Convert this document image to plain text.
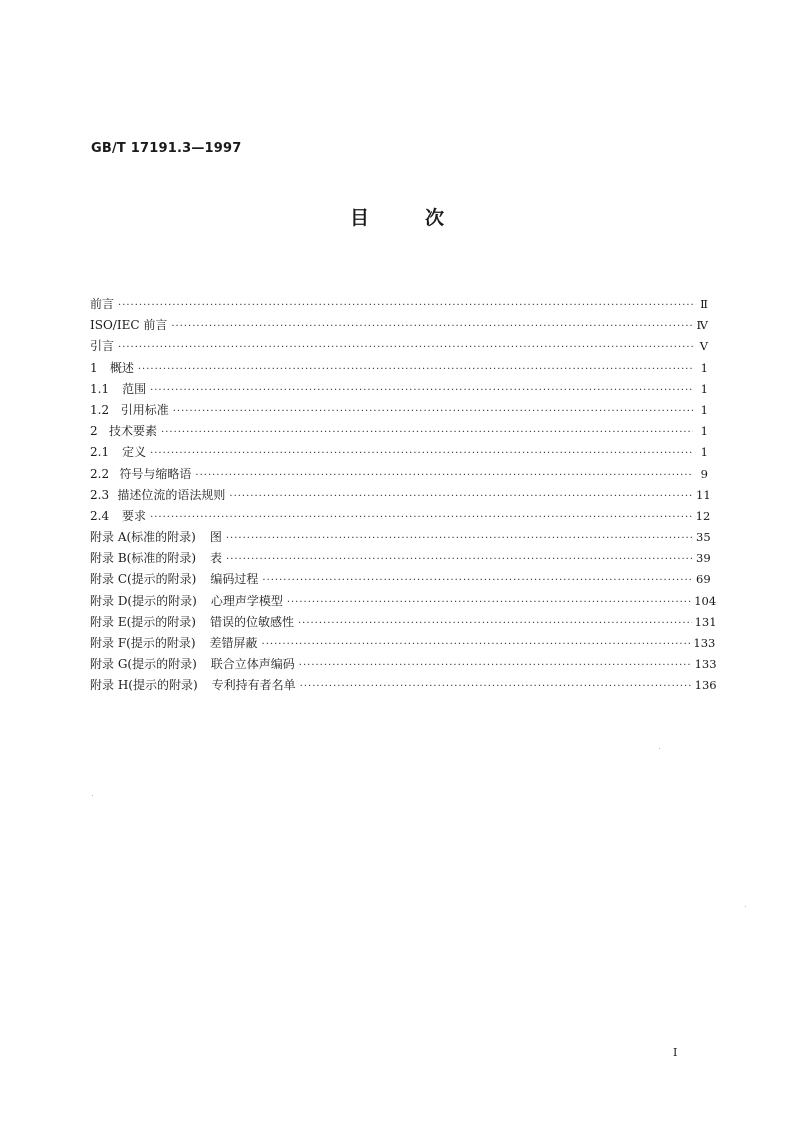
GB/T 17191.3—1997
目	次
前言 ·····	Ⅱ
ISO/IEC 前言 ·····	Ⅳ
引言 ·····	Ⅴ
1	概述 ·····	1
1.1	范围 ·····	1
1.2 引用标准 ·····	1
2 技术要素 ·····	1
2.1	定义 ·····	1
2.2 符号与缩略语 ·····	9
2.3 描述位流的语法规则 ·····	11
2.4	要求 ·····	12
附录 A(标准的附录) 图 ·····	35
附录 B(标准的附录) 表 ·····	39
附录 C(提示的附录) 编码过程 ·····	69
附录 D(提示的附录) 心理声学模型 ·····	104
附录 E(提示的附录) 错误的位敏感性 ·····	131
附录 F(提示的附录) 差错屏蔽 ·····	133
附录 G(提示的附录) 联合立体声编码 ·····	133
附录 H(提示的附录) 专利持有者名单 ·····	136
I
